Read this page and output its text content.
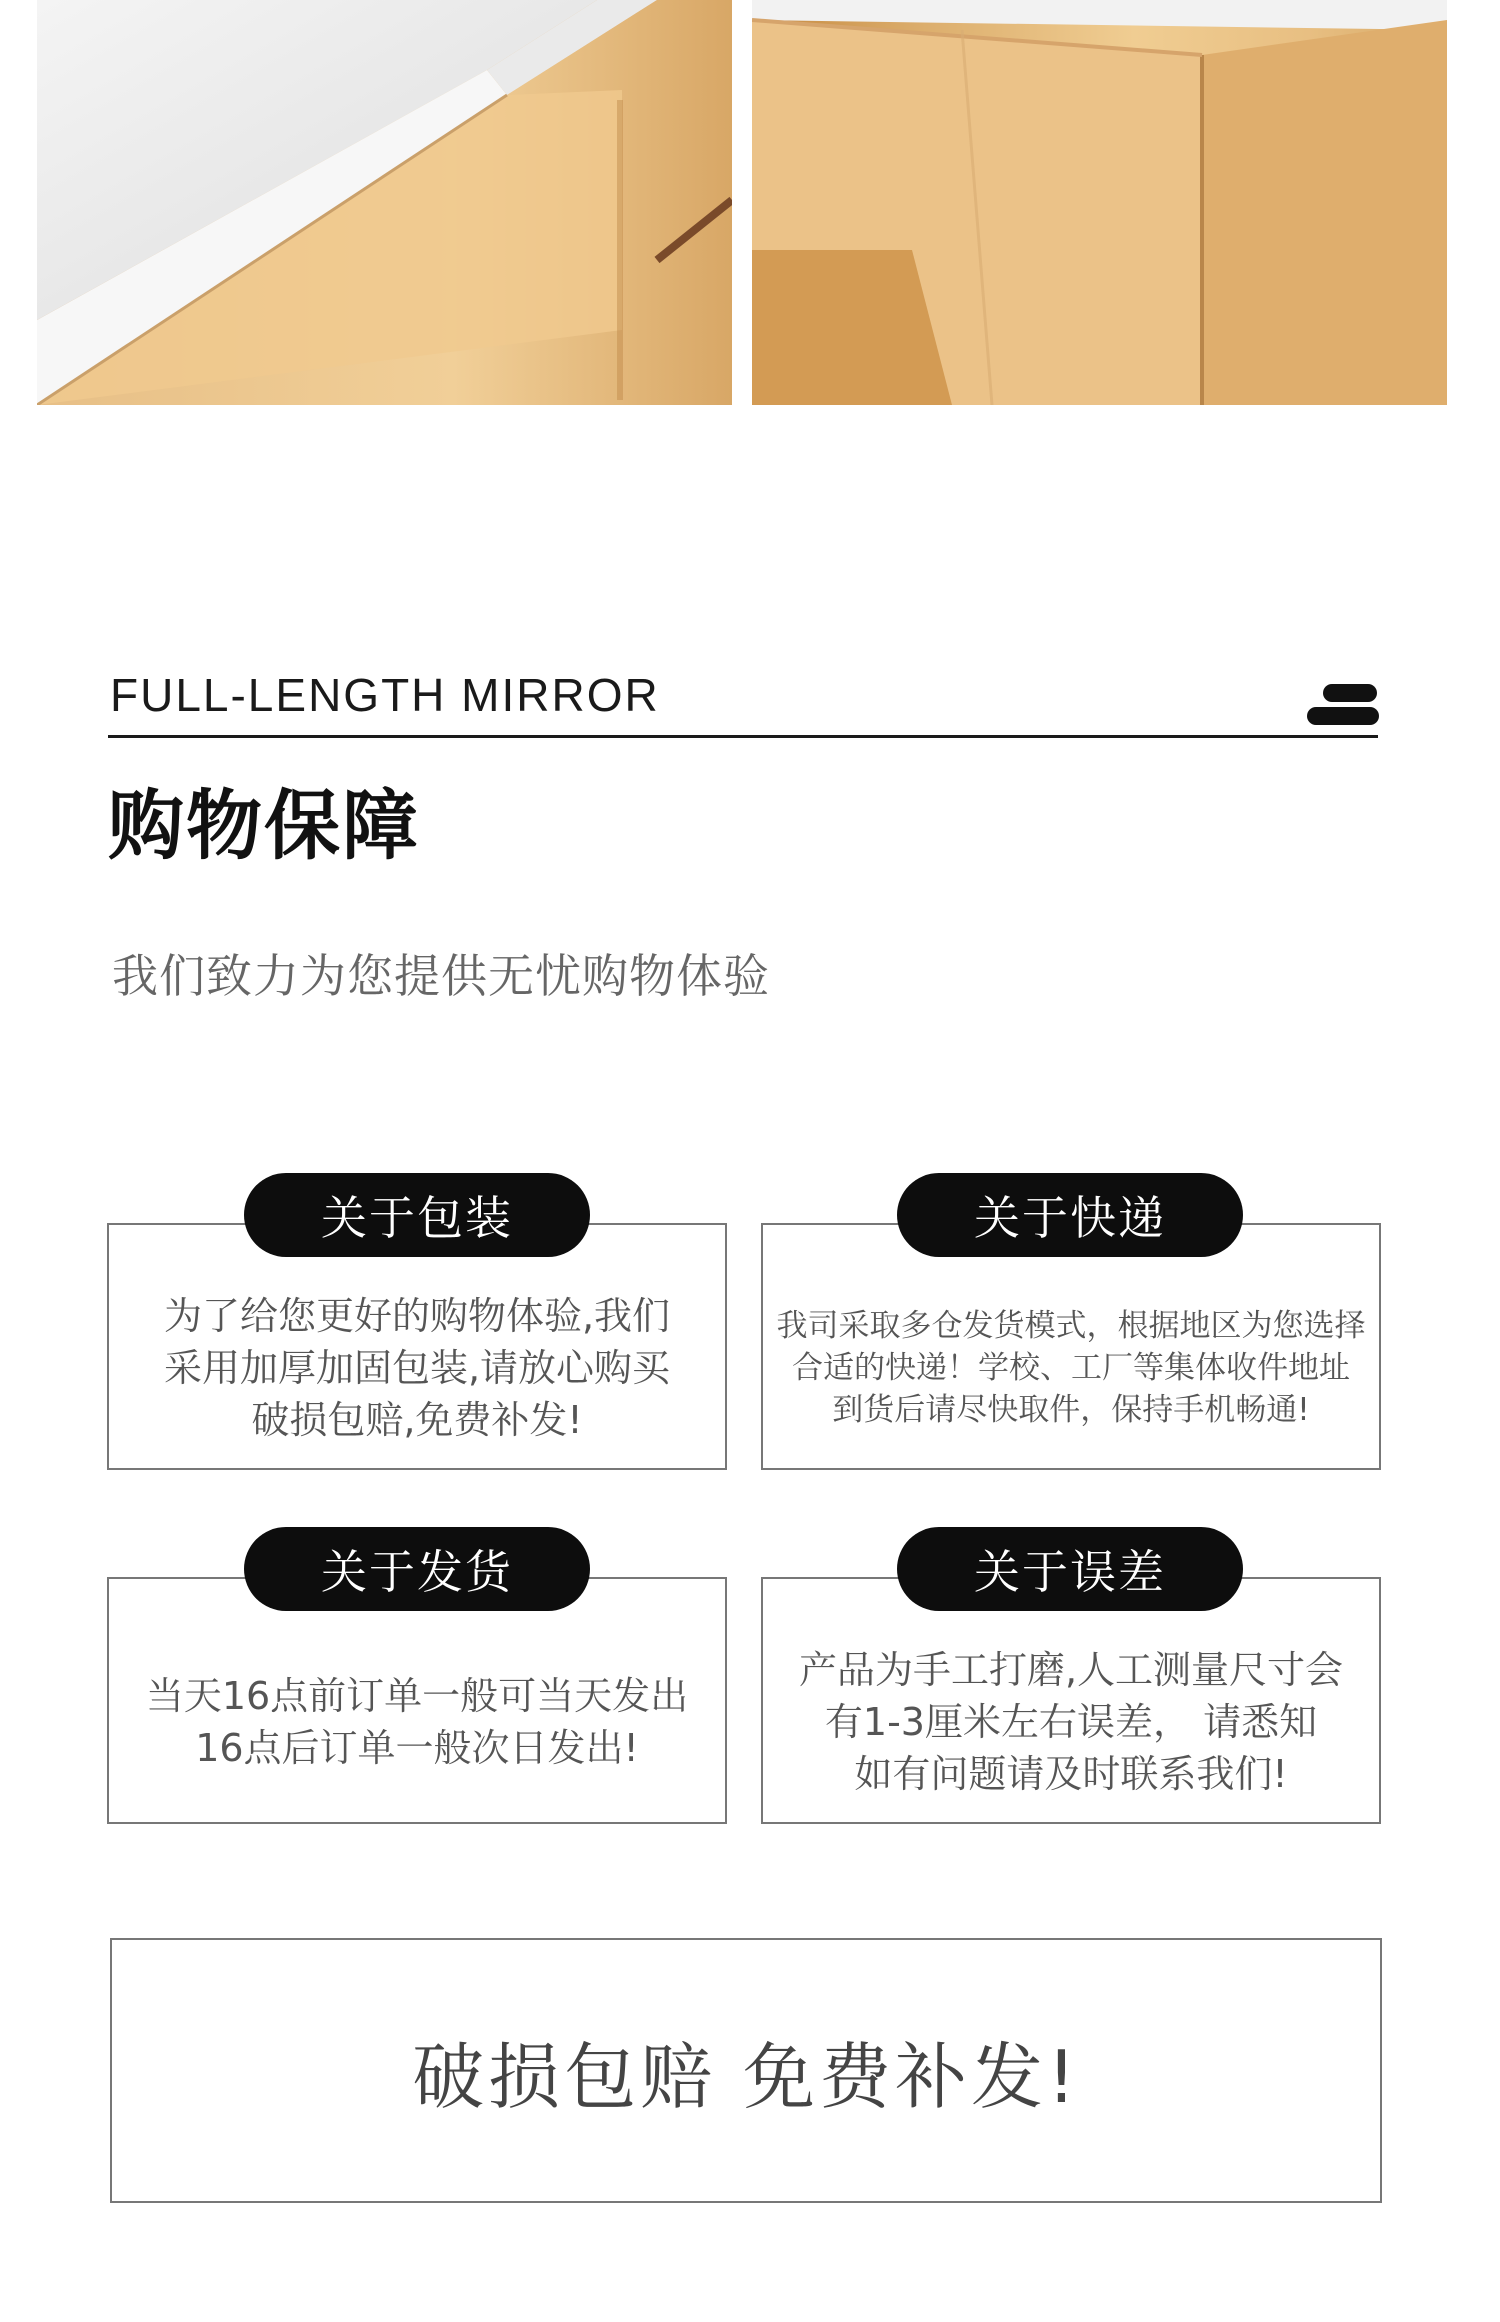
FULL-LENGTH MIRROR
购物保障
我们致力为您提供无忧购物体验
为了给您更好的购物体验,我们
采用加厚加固包装,请放心购买
破损包赔,免费补发!
关于包装
我司采取多仓发货模式，根据地区为您选择
合适的快递！学校、工厂等集体收件地址
到货后请尽快取件，保持手机畅通!
关于快递
当天16点前订单一般可当天发出
16点后订单一般次日发出!
关于发货
产品为手工打磨,人工测量尺寸会
有1-3厘米左右误差， 请悉知
如有问题请及时联系我们!
关于误差
破损包赔 免费补发!
